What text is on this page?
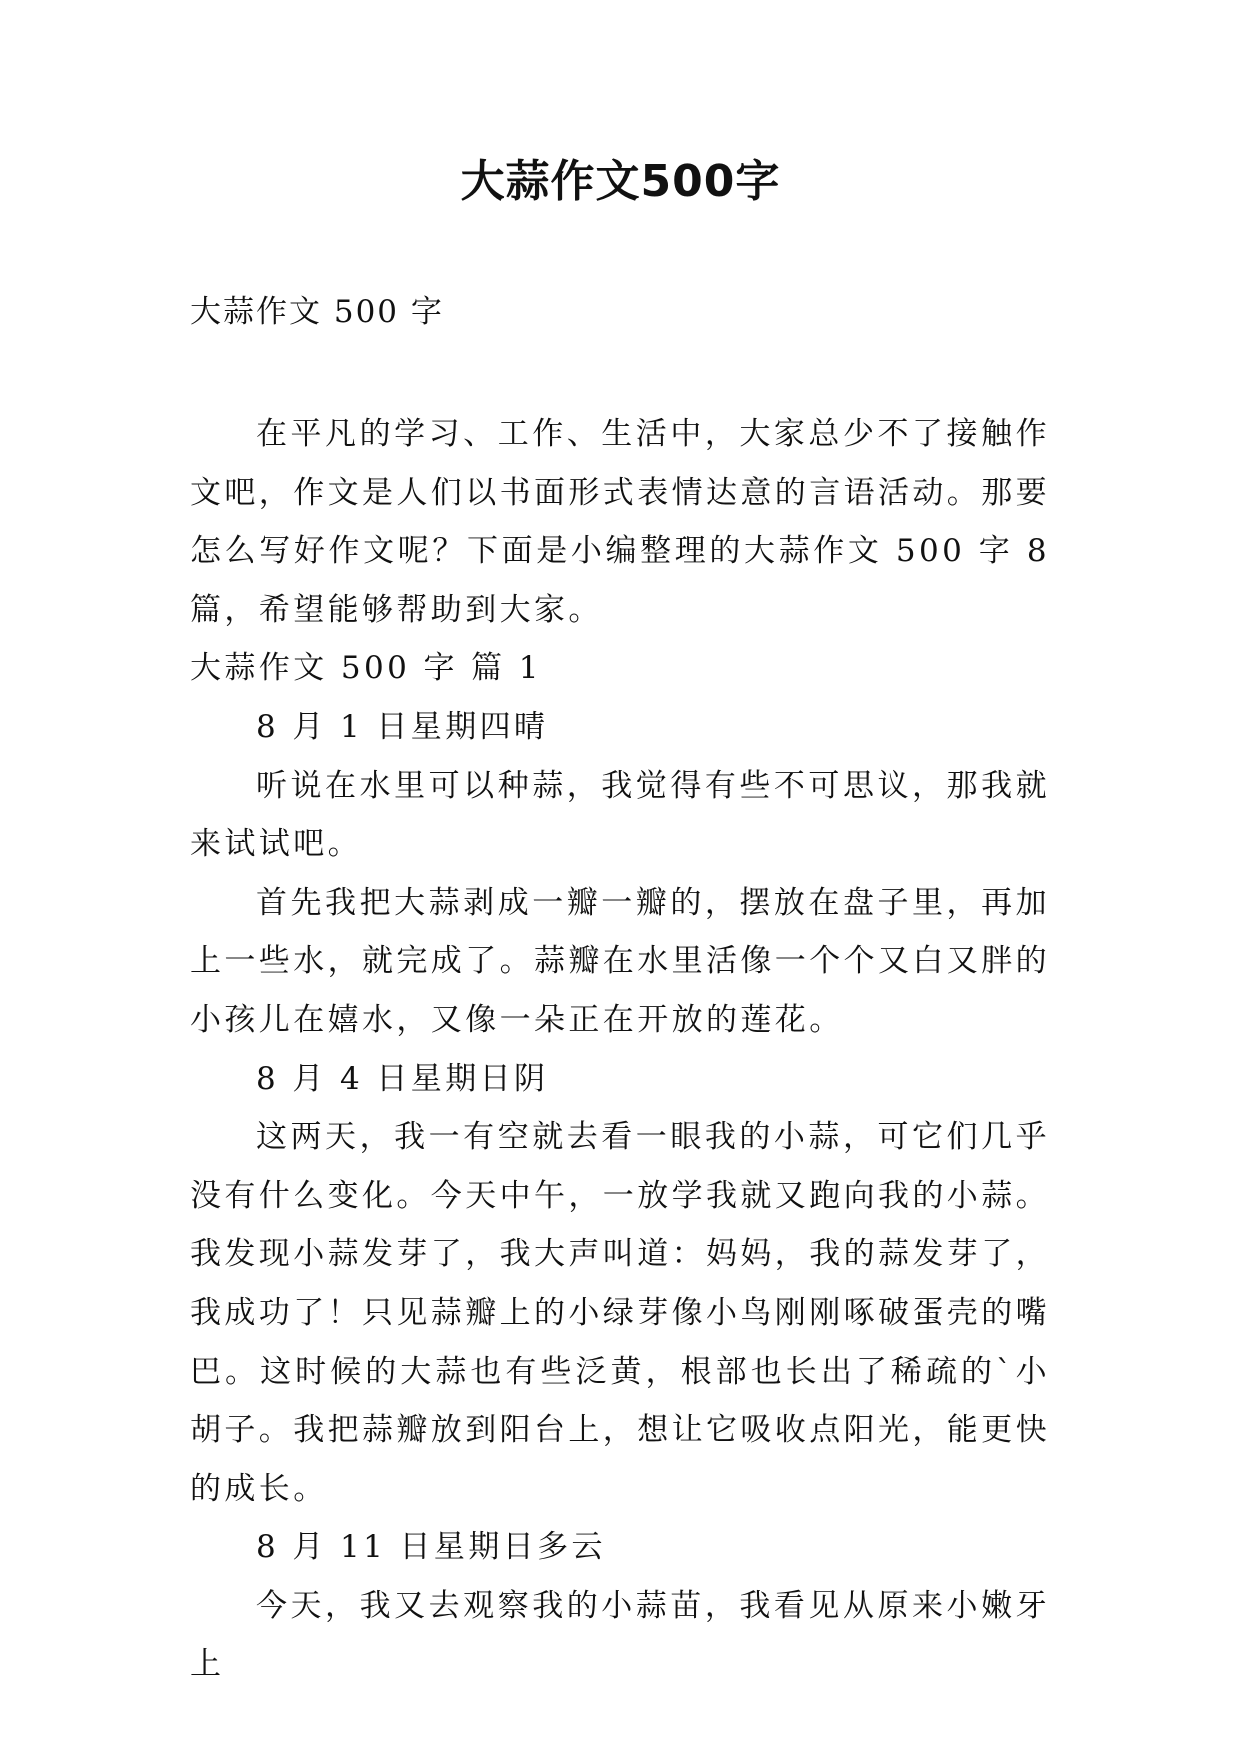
大蒜作文500字
大蒜作文 500 字

在平凡的学习、工作、生活中，大家总少不了接触作文吧，作文是人们以书面形式表情达意的言语活动。那要怎么写好作文呢？下面是小编整理的大蒜作文 500 字 8 篇，希望能够帮助到大家。

大蒜作文 500 字 篇 1

8 月 1 日星期四晴

听说在水里可以种蒜，我觉得有些不可思议，那我就来试试吧。

首先我把大蒜剥成一瓣一瓣的，摆放在盘子里，再加上一些水，就完成了。蒜瓣在水里活像一个个又白又胖的小孩儿在嬉水，又像一朵正在开放的莲花。

8 月 4 日星期日阴

这两天，我一有空就去看一眼我的小蒜，可它们几乎没有什么变化。今天中午，一放学我就又跑向我的小蒜。我发现小蒜发芽了，我大声叫道：妈妈，我的蒜发芽了，我成功了！只见蒜瓣上的小绿芽像小鸟刚刚啄破蛋壳的嘴巴。这时候的大蒜也有些泛黄，根部也长出了稀疏的`小胡子。我把蒜瓣放到阳台上，想让它吸收点阳光，能更快的成长。

8 月 11 日星期日多云

今天，我又去观察我的小蒜苗，我看见从原来小嫩牙上
